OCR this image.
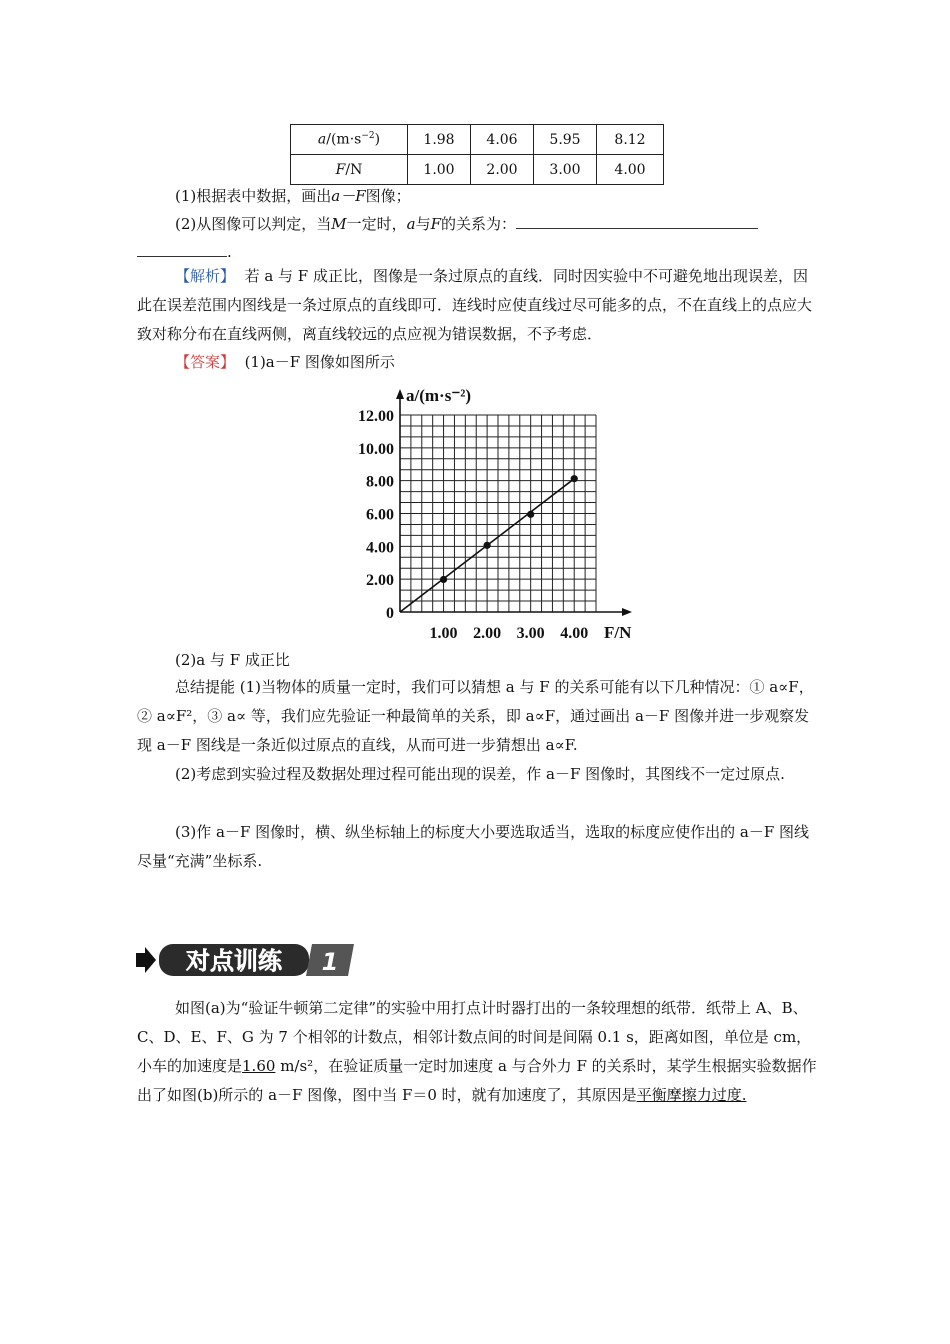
$a/(m\cdot s^{-2})$	1.98	4.06	5.95	8.12
F/N	1.00	2.00	3.00	4.00
(1)根据表中数据，画出a－F图像；
(2)从图像可以判定，当M一定时，a与F的关系为：
.
【解析】 若 a 与 F 成正比，图像是一条过原点的直线．同时因实验中不可避免地出现误差，因此在误差范围内图线是一条过原点的直线即可．连线时应使直线过尽可能多的点，不在直线上的点应大致对称分布在直线两侧，离直线较远的点应视为错误数据，不予考虑．
【答案】 (1)a－F 图像如图所示
2.00
4.00
6.00
8.00
10.00
12.00
1.00 2.00 3.00 4.00
a/(m·s⁻²)
F/N
0
(2)a 与 F 成正比
总结提能 (1)当物体的质量一定时，我们可以猜想 a 与 F 的关系可能有以下几种情况：① a∝F，② a∝F²，③ a∝ 等，我们应先验证一种最简单的关系，即 a∝F，通过画出 a－F 图像并进一步观察发现 a－F 图线是一条近似过原点的直线，从而可进一步猜想出 a∝F.
(2)考虑到实验过程及数据处理过程可能出现的误差，作 a－F 图像时，其图线不一定过原点.
(3)作 a－F 图像时，横、纵坐标轴上的标度大小要选取适当，选取的标度应使作出的 a－F 图线尽量“充满”坐标系.
对点训练 1
如图(a)为“验证牛顿第二定律”的实验中用打点计时器打出的一条较理想的纸带．纸带上 A、B、C、D、E、F、G 为 7 个相邻的计数点，相邻计数点间的时间是间隔 0.1 s，距离如图，单位是 cm，小车的加速度是1.60 m/s²，在验证质量一定时加速度 a 与合外力 F 的关系时，某学生根据实验数据作出了如图(b)所示的 a－F 图像，图中当 F＝0 时，就有加速度了，其原因是平衡摩擦力过度.
